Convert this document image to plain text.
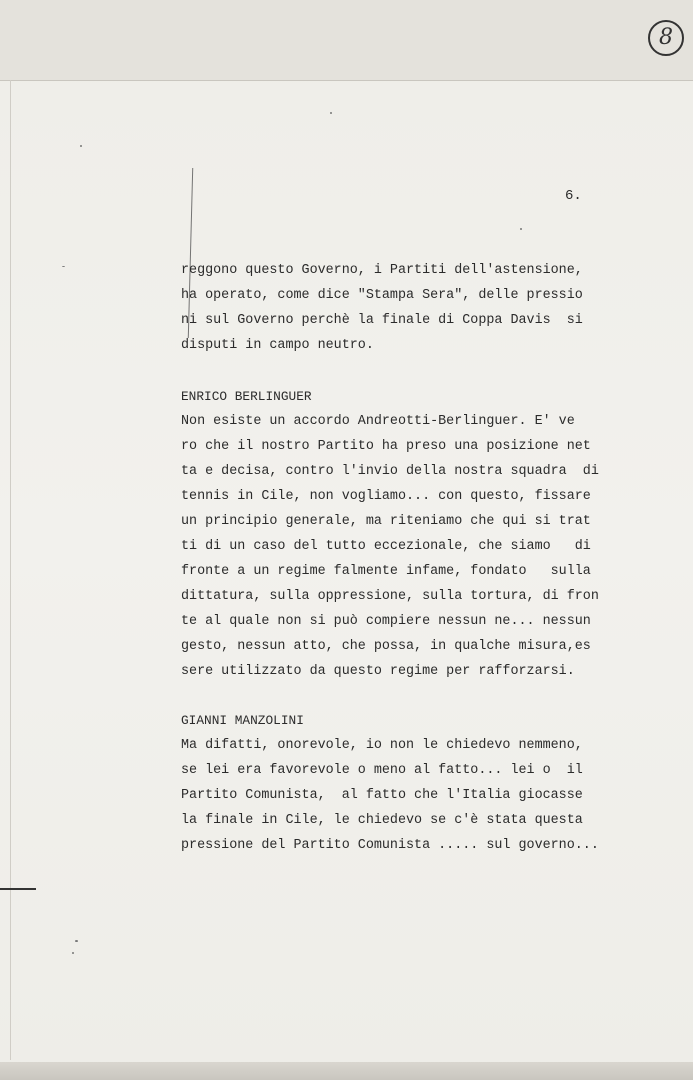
8
6.
reggono questo Governo, i Partiti dell'astensione,
ha operato, come dice "Stampa Sera", delle pressio
ni sul Governo perchè la finale di Coppa Davis  si
disputi in campo neutro.
ENRICO BERLINGUER
Non esiste un accordo Andreotti-Berlinguer. E' ve
ro che il nostro Partito ha preso una posizione net
ta e decisa, contro l'invio della nostra squadra  di
tennis in Cile, non vogliamo... con questo, fissare
un principio generale, ma riteniamo che qui si trat
ti di un caso del tutto eccezionale, che siamo   di
fronte a un regime falmente infame, fondato   sulla
dittatura, sulla oppressione, sulla tortura, di fron
te al quale non si può compiere nessun ne... nessun
gesto, nessun atto, che possa, in qualche misura,es
sere utilizzato da questo regime per rafforzarsi.
GIANNI MANZOLINI
Ma difatti, onorevole, io non le chiedevo nemmeno,
se lei era favorevole o meno al fatto... lei o  il
Partito Comunista,  al fatto che l'Italia giocasse
la finale in Cile, le chiedevo se c'è stata questa
pressione del Partito Comunista ..... sul governo...
